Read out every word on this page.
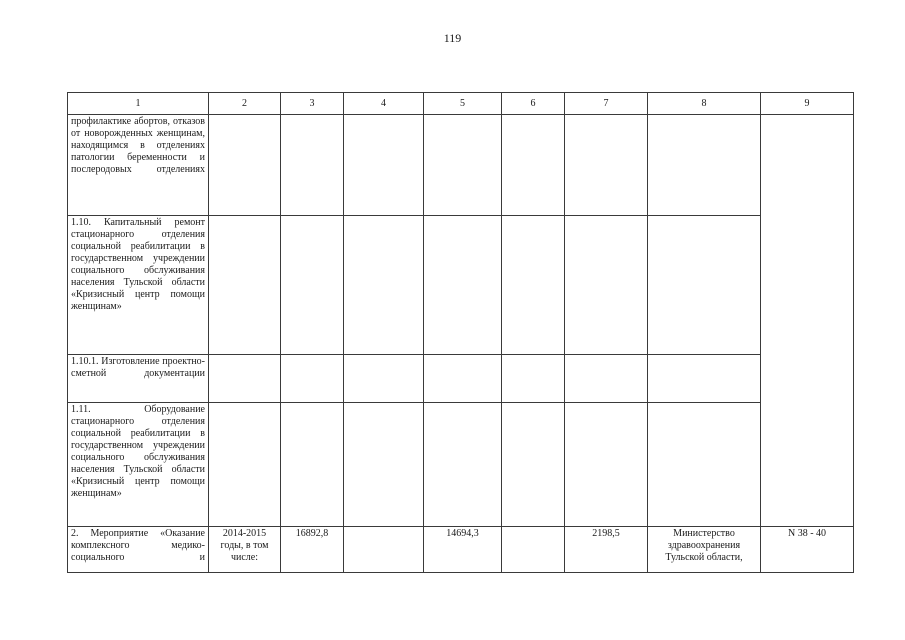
119
1	2	3	4	5	6	7	8	9
профилактике абортов, отказов от новорожденных женщинам, находящимся в отделениях патологии беременности и послеродовых отделениях								
1.10. Капитальный ремонт стационарного отделения социальной реабилитации в государственном учреждении социального обслуживания населения Тульской области «Кризисный центр помощи женщинам»								
1.10.1. Изготовление проектно-сметной документации								
1.11. Оборудование стационарного отделения социальной реабилитации в государственном учреждении социального обслуживания населения Тульской области «Кризисный центр помощи женщинам»								
2. Мероприятие «Оказание комплексного медико-социального и	2014-2015 годы, в том числе:	16892,8		14694,3		2198,5	Министерство здравоохранения Тульской области,	N 38 - 40
